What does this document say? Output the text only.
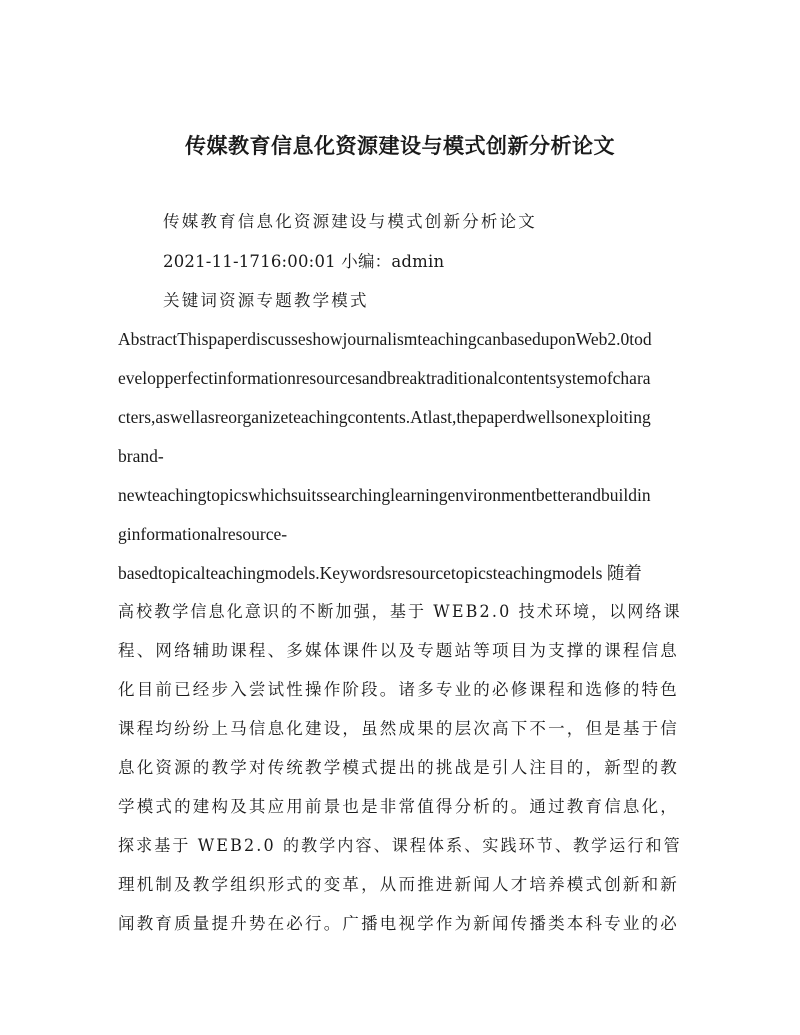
传媒教育信息化资源建设与模式创新分析论文
传媒教育信息化资源建设与模式创新分析论文
2021-11-1716:00:01 小编：admin
关键词资源专题教学模式
AbstractThispaperdiscusseshowjournalismteachingcanbaseduponWeb2.0tod
evelopperfectinformationresourcesandbreaktraditionalcontentsystemofchara
cters,aswellasreorganizeteachingcontents.Atlast,thepaperdwellsonexploiting
brand-
newteachingtopicswhichsuitssearchinglearningenvironmentbetterandbuildin
ginformationalresource-
basedtopicalteachingmodels.Keywordsresourcetopicsteachingmodels 随着
高校教学信息化意识的不断加强，基于 WEB2.0 技术环境，以网络课
程、网络辅助课程、多媒体课件以及专题站等项目为支撑的课程信息
化目前已经步入尝试性操作阶段。诸多专业的必修课程和选修的特色
课程均纷纷上马信息化建设，虽然成果的层次高下不一，但是基于信
息化资源的教学对传统教学模式提出的挑战是引人注目的，新型的教
学模式的建构及其应用前景也是非常值得分析的。通过教育信息化，
探求基于 WEB2.0 的教学内容、课程体系、实践环节、教学运行和管
理机制及教学组织形式的变革，从而推进新闻人才培养模式创新和新
闻教育质量提升势在必行。广播电视学作为新闻传播类本科专业的必
